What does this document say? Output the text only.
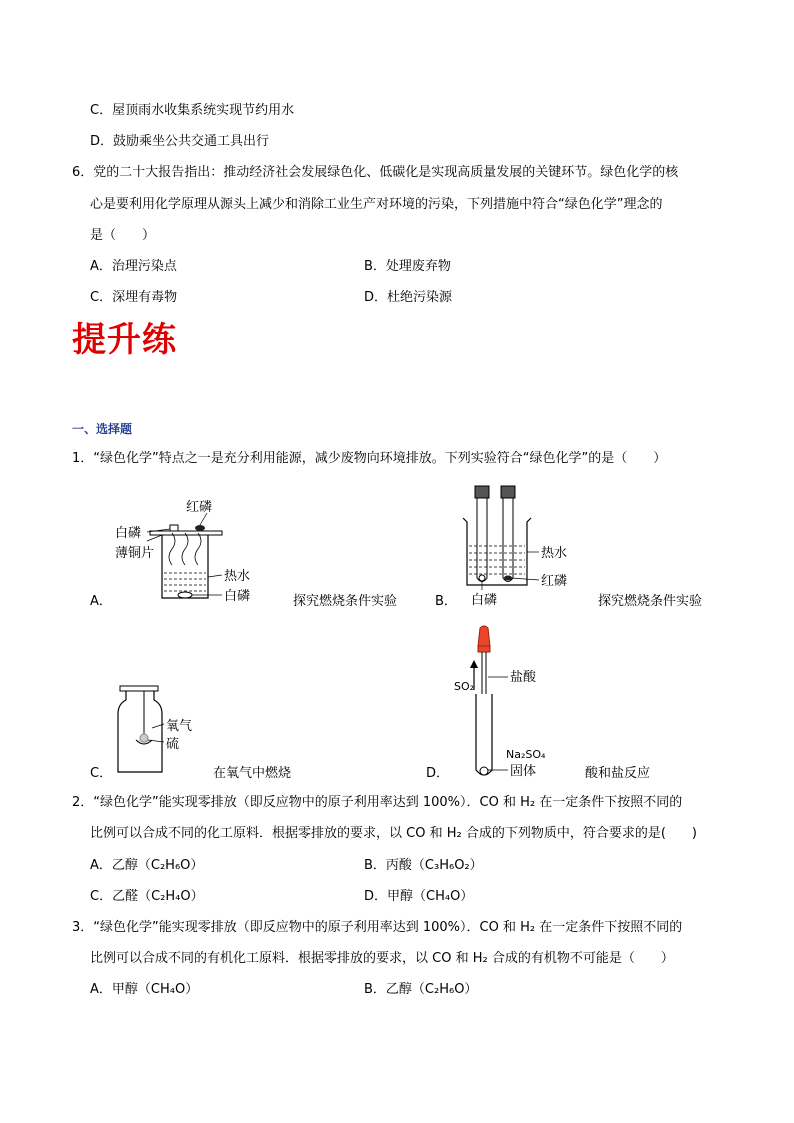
C．屋顶雨水收集系统实现节约用水
D．鼓励乘坐公共交通工具出行
6．党的二十大报告指出：推动经济社会发展绿色化、低碳化是实现高质量发展的关键环节。绿色化学的核
心是要利用化学原理从源头上减少和消除工业生产对环境的污染，下列措施中符合“绿色化学”理念的
是（　　）
A．治理污染点	B．处理废弃物
C．深埋有毒物	D．杜绝污染源
提升练
一、选择题
1．“绿色化学”特点之一是充分利用能源，减少废物向环境排放。下列实验符合“绿色化学”的是（　　）
A．
红磷
白磷
薄铜片
热水
白磷	探究燃烧条件实验	B．
热水
红磷
白磷	探究燃烧条件实验
C．
氧气
硫
在氧气中燃烧	D．
盐酸
SO₂
Na₂SO₄
固体	酸和盐反应
2．“绿色化学”能实现零排放（即反应物中的原子利用率达到 100%）．CO 和 H₂ 在一定条件下按照不同的
比例可以合成不同的化工原料．根据零排放的要求，以 CO 和 H₂ 合成的下列物质中，符合要求的是(　　)
A．乙醇（C₂H₆O）	B．丙酸（C₃H₆O₂）
C．乙醛（C₂H₄O）	D．甲醇（CH₄O）
3．“绿色化学”能实现零排放（即反应物中的原子利用率达到 100%）．CO 和 H₂ 在一定条件下按照不同的
比例可以合成不同的有机化工原料．根据零排放的要求，以 CO 和 H₂ 合成的有机物不可能是（　　）
A．甲醇（CH₄O）	B．乙醇（C₂H₆O）
